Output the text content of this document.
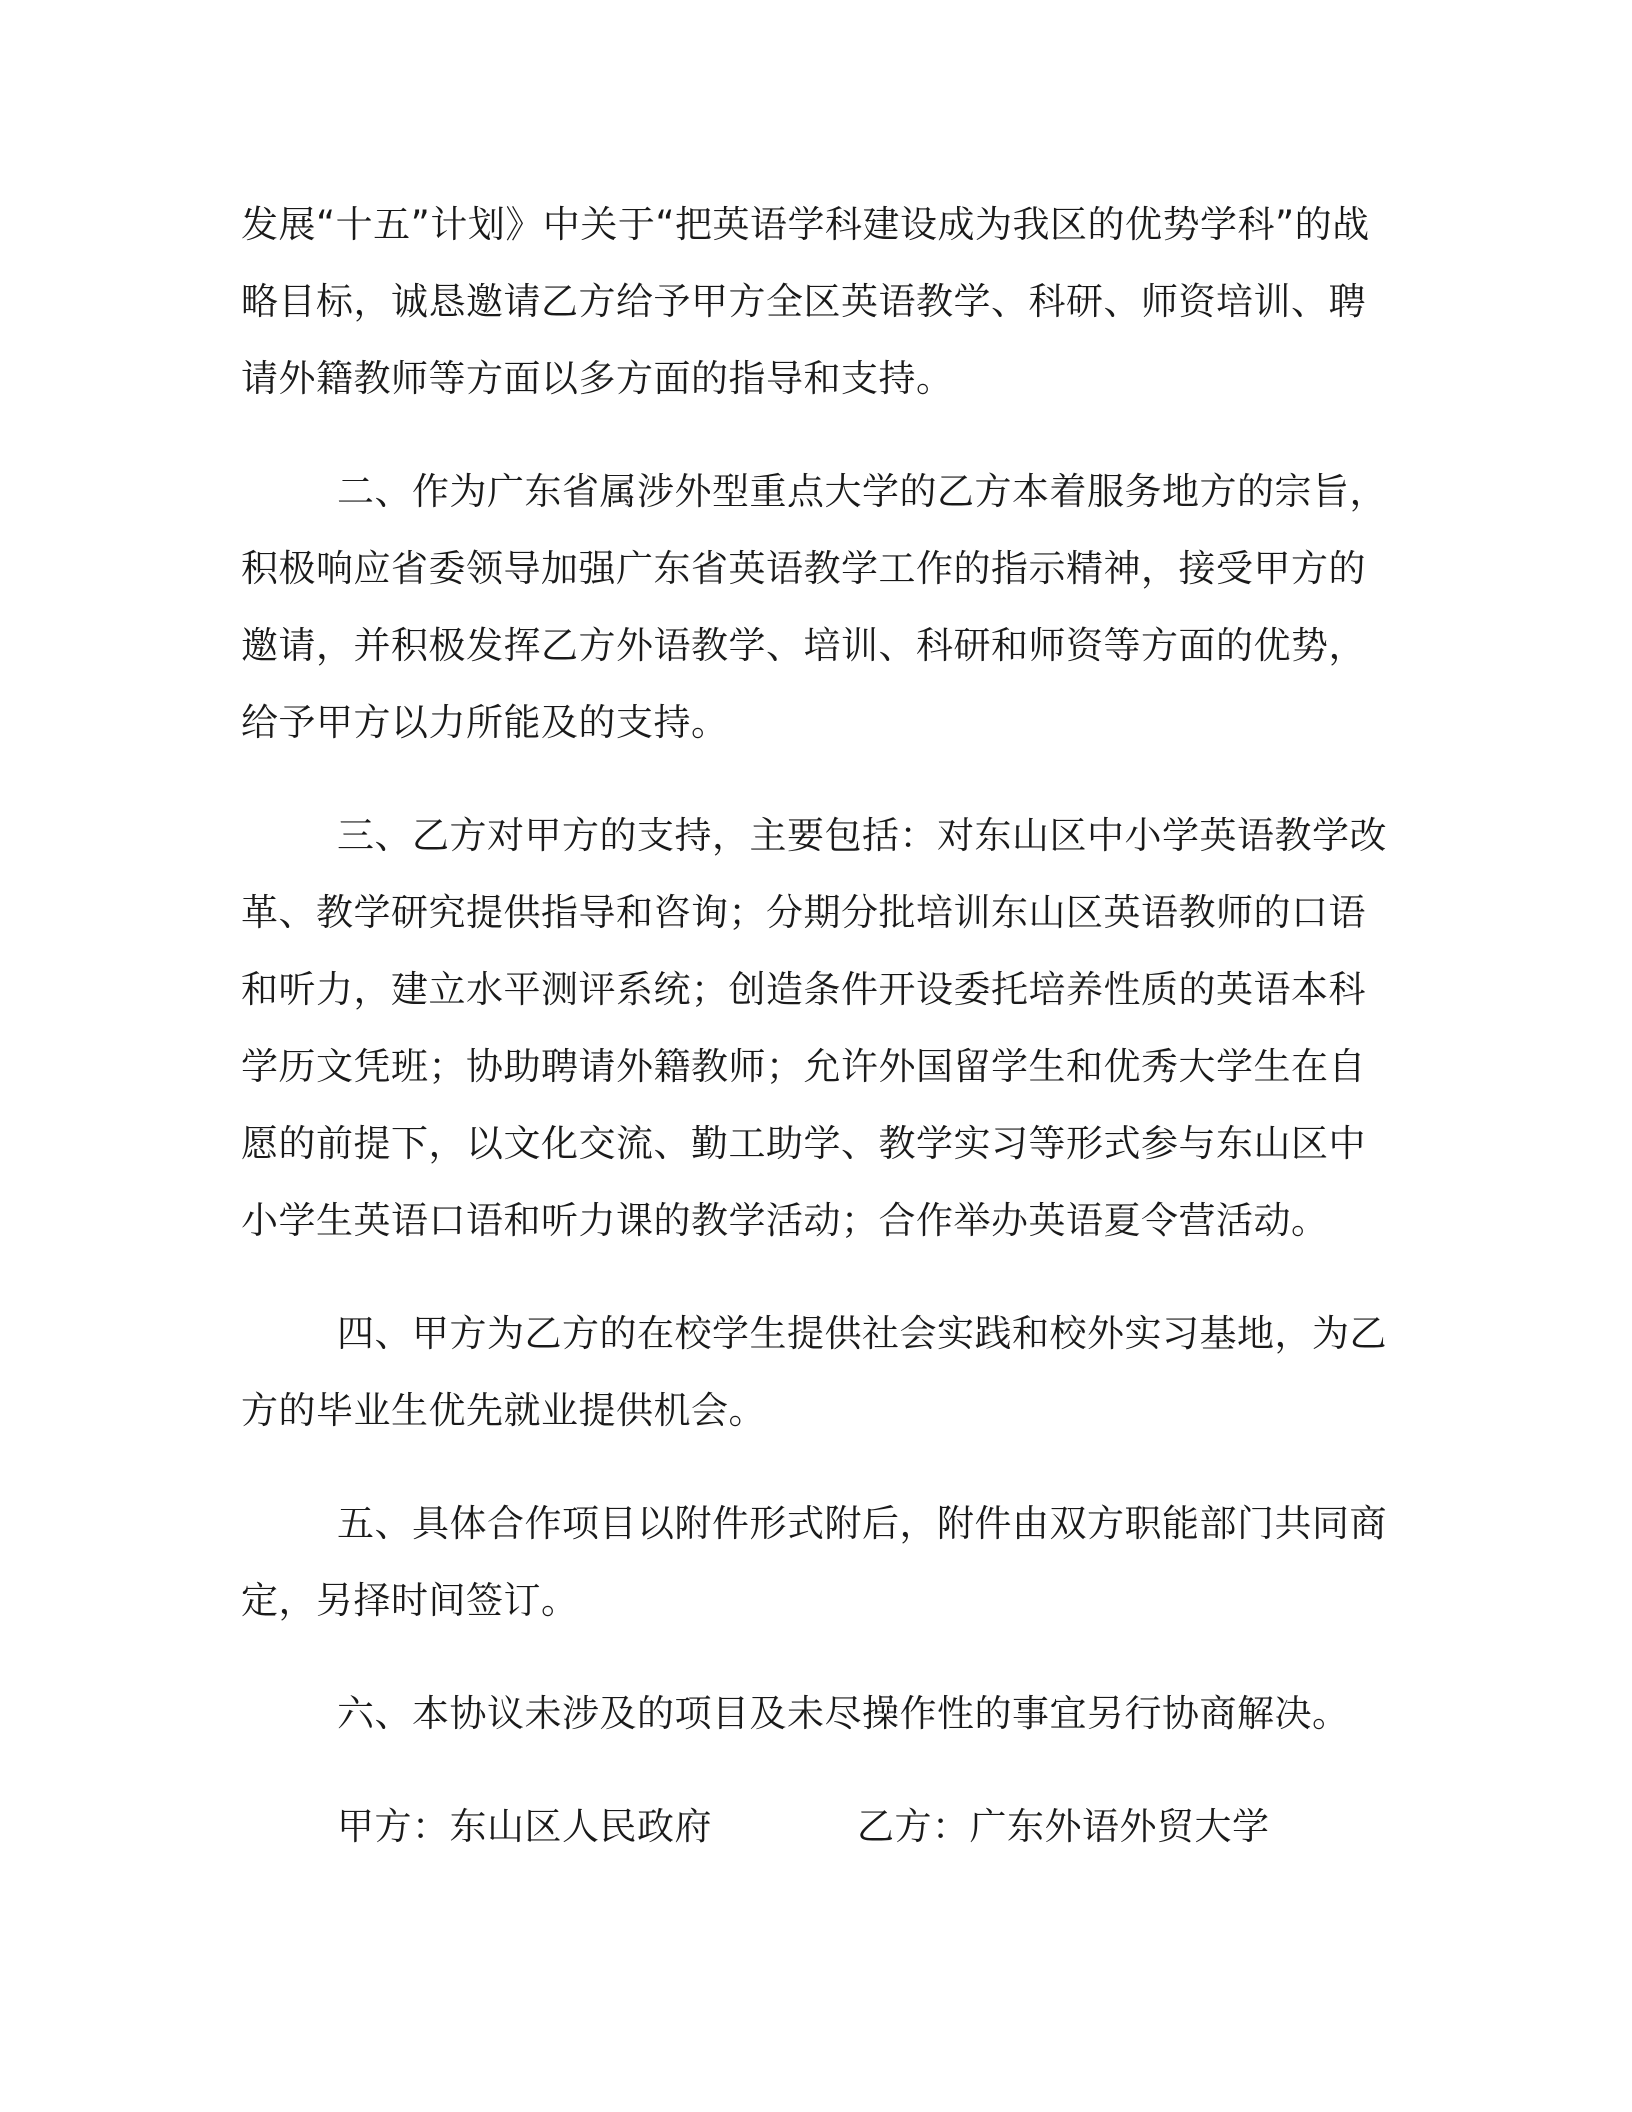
发展“十五”计划》中关于“把英语学科建设成为我区的优势学科”的战略目标，诚恳邀请乙方给予甲方全区英语教学、科研、师资培训、聘请外籍教师等方面以多方面的指导和支持。

二、作为广东省属涉外型重点大学的乙方本着服务地方的宗旨，积极响应省委领导加强广东省英语教学工作的指示精神，接受甲方的邀请，并积极发挥乙方外语教学、培训、科研和师资等方面的优势，给予甲方以力所能及的支持。

三、乙方对甲方的支持，主要包括：对东山区中小学英语教学改革、教学研究提供指导和咨询；分期分批培训东山区英语教师的口语和听力，建立水平测评系统；创造条件开设委托培养性质的英语本科学历文凭班；协助聘请外籍教师；允许外国留学生和优秀大学生在自愿的前提下，以文化交流、勤工助学、教学实习等形式参与东山区中小学生英语口语和听力课的教学活动；合作举办英语夏令营活动。

四、甲方为乙方的在校学生提供社会实践和校外实习基地，为乙方的毕业生优先就业提供机会。

五、具体合作项目以附件形式附后，附件由双方职能部门共同商定，另择时间签订。

六、本协议未涉及的项目及未尽操作性的事宜另行协商解决。

甲方：东山区人民政府	乙方：广东外语外贸大学
